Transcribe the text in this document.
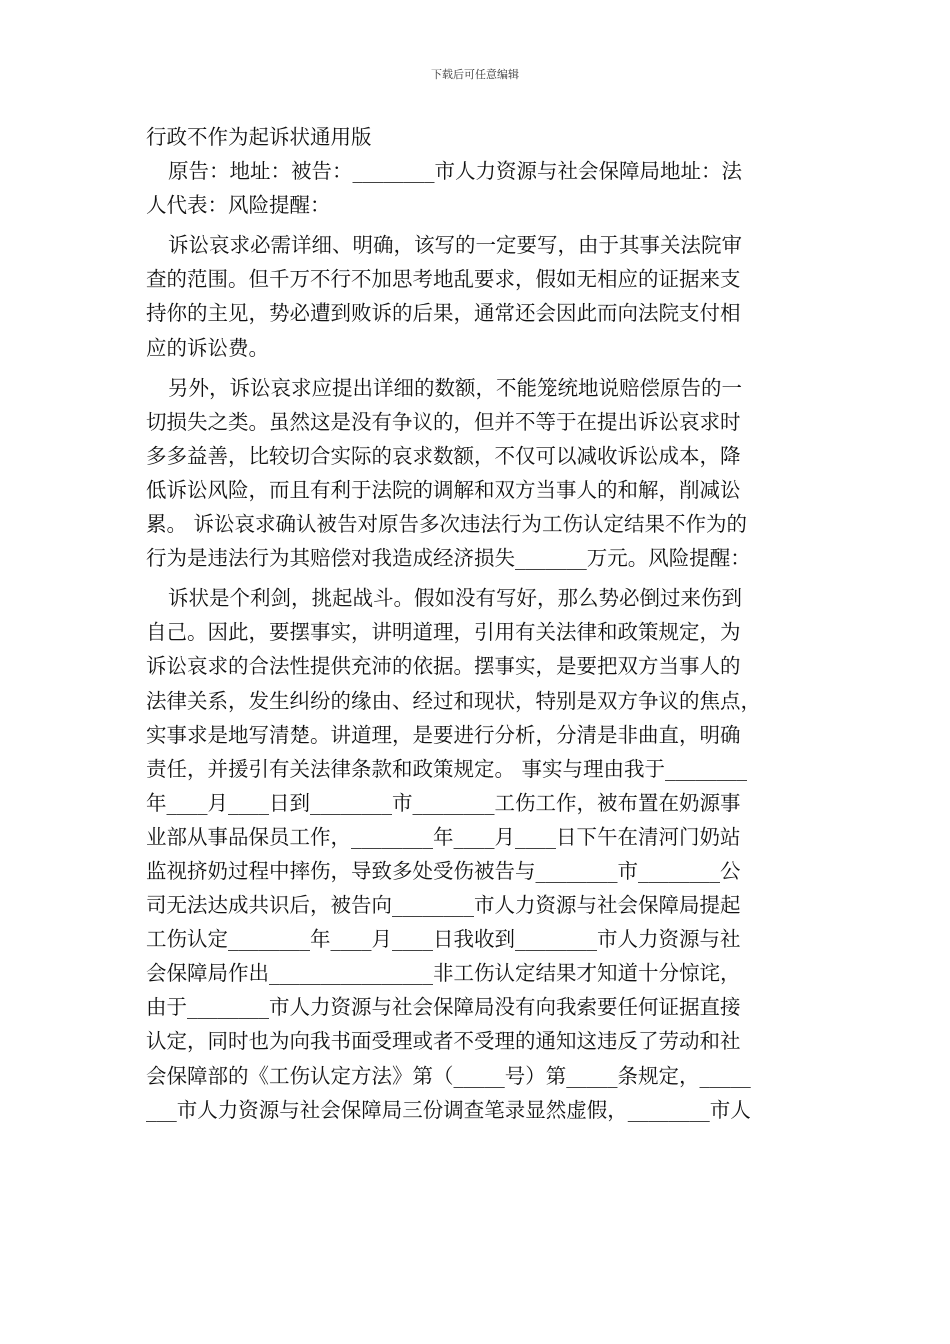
下载后可任意编辑
行政不作为起诉状通用版
原告：地址：被告：________市人力资源与社会保障局地址：法
人代表：风险提醒：
诉讼哀求必需详细、明确，该写的一定要写，由于其事关法院审
查的范围。但千万不行不加思考地乱要求，假如无相应的证据来支
持你的主见，势必遭到败诉的后果，通常还会因此而向法院支付相
应的诉讼费。
另外，诉讼哀求应提出详细的数额，不能笼统地说赔偿原告的一
切损失之类。虽然这是没有争议的，但并不等于在提出诉讼哀求时
多多益善，比较切合实际的哀求数额，不仅可以减收诉讼成本，降
低诉讼风险，而且有利于法院的调解和双方当事人的和解，削减讼
累。 诉讼哀求确认被告对原告多次违法行为工伤认定结果不作为的
行为是违法行为其赔偿对我造成经济损失_______万元。风险提醒：
诉状是个利剑，挑起战斗。假如没有写好，那么势必倒过来伤到
自己。因此，要摆事实，讲明道理，引用有关法律和政策规定，为
诉讼哀求的合法性提供充沛的依据。摆事实，是要把双方当事人的
法律关系，发生纠纷的缘由、经过和现状，特别是双方争议的焦点，
实事求是地写清楚。讲道理，是要进行分析，分清是非曲直，明确
责任，并援引有关法律条款和政策规定。 事实与理由我于________
年____月____日到________市________工伤工作，被布置在奶源事
业部从事品保员工作，________年____月____日下午在清河门奶站
监视挤奶过程中摔伤，导致多处受伤被告与________市________公
司无法达成共识后，被告向________市人力资源与社会保障局提起
工伤认定________年____月____日我收到________市人力资源与社
会保障局作出________________非工伤认定结果才知道十分惊诧，
由于________市人力资源与社会保障局没有向我索要任何证据直接
认定，同时也为向我书面受理或者不受理的通知这违反了劳动和社
会保障部的《工伤认定方法》第（_____号）第_____条规定，_____
___市人力资源与社会保障局三份调查笔录显然虚假，________市人
